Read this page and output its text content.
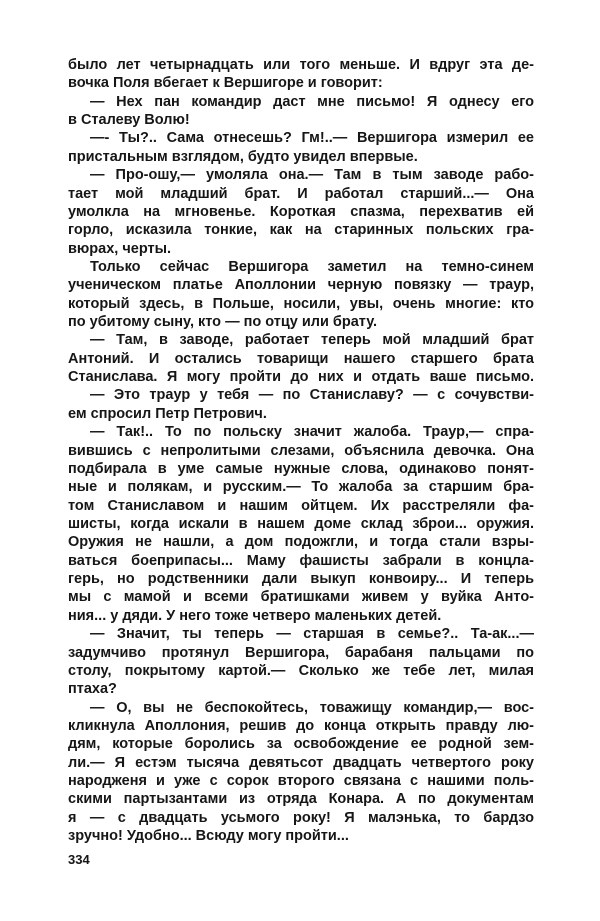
было лет четырнадцать или того меньше. И вдруг эта де-
вочка Поля вбегает к Вершигоре и говорит:
— Нех пан командир даст мне письмо! Я однесу его
в Сталеву Волю!
—- Ты?.. Сама отнесешь? Гм!..— Вершигора измерил ее
пристальным взглядом, будто увидел впервые.
— Про-ошу,— умоляла она.— Там в тым заводе рабо-
тает мой младший брат. И работал старший...— Она
умолкла на мгновенье. Короткая спазма, перехватив ей
горло, исказила тонкие, как на старинных польских гра-
вюрах, черты.
Только сейчас Вершигора заметил на темно-синем
ученическом платье Аполлонии черную повязку — траур,
который здесь, в Польше, носили, увы, очень многие: кто
по убитому сыну, кто — по отцу или брату.
— Там, в заводе, работает теперь мой младший брат
Антоний. И остались товарищи нашего старшего брата
Станислава. Я могу пройти до них и отдать ваше письмо.
— Это траур у тебя — по Станиславу? — с сочувстви-
ем спросил Петр Петрович.
— Так!.. То по польску значит жалоба. Траур,— спра-
вившись с непролитыми слезами, объяснила девочка. Она
подбирала в уме самые нужные слова, одинаково понят-
ные и полякам, и русским.— То жалоба за старшим бра-
том Станиславом и нашим ойтцем. Их расстреляли фа-
шисты, когда искали в нашем доме склад зброи... оружия.
Оружия не нашли, а дом подожгли, и тогда стали взры-
ваться боеприпасы... Маму фашисты забрали в концла-
герь, но родственники дали выкуп конвоиру... И теперь
мы с мамой и всеми братишками живем у вуйка Анто-
ния... у дяди. У него тоже четверо маленьких детей.
— Значит, ты теперь — старшая в семье?.. Та-ак...—
задумчиво протянул Вершигора, барабаня пальцами по
столу, покрытому картой.— Сколько же тебе лет, милая
птаха?
— О, вы не беспокойтесь, товажищу командир,— вос-
кликнула Аполлония, решив до конца открыть правду лю-
дям, которые боролись за освобождение ее родной зем-
ли.— Я естэм тысяча девятьсот двадцать четвертого року
народженя и уже с сорок второго связана с нашими поль-
скими партызантами из отряда Конара. А по документам
я — с двадцать усьмого року! Я малэнька, то бардзо
зручно! Удобно... Всюду могу пройти...
334
